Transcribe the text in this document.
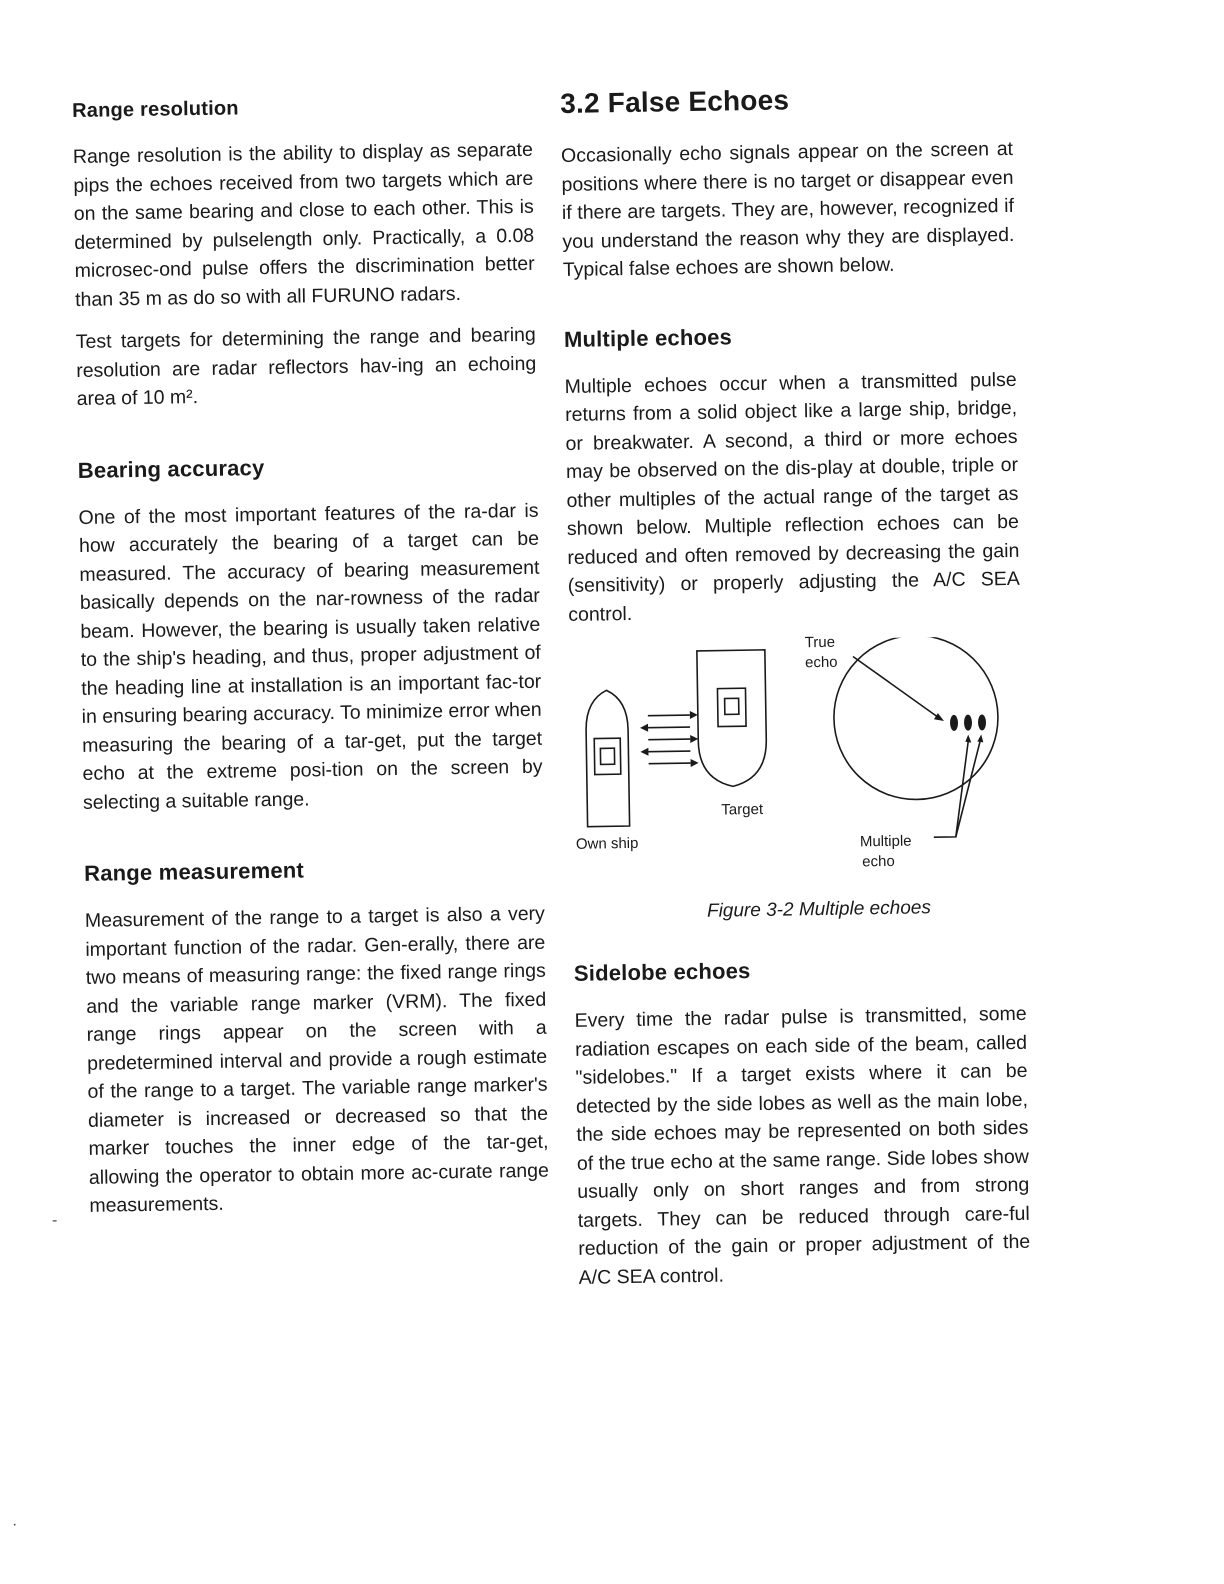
Range resolution

Range resolution is the ability to display as separate pips the echoes received from two targets which are on the same bearing and close to each other. This is determined by pulselength only. Practically, a 0.08 microsec-ond pulse offers the discrimination better than 35 m as do so with all FURUNO radars.

Test targets for determining the range and bearing resolution are radar reflectors hav-ing an echoing area of 10 m².

Bearing accuracy

One of the most important features of the ra-dar is how accurately the bearing of a target can be measured. The accuracy of bearing measurement basically depends on the nar-rowness of the radar beam. However, the bearing is usually taken relative to the ship's heading, and thus, proper adjustment of the heading line at installation is an important fac-tor in ensuring bearing accuracy. To minimize error when measuring the bearing of a tar-get, put the target echo at the extreme posi-tion on the screen by selecting a suitable range.

Range measurement

Measurement of the range to a target is also a very important function of the radar. Gen-erally, there are two means of measuring range: the fixed range rings and the variable range marker (VRM). The fixed range rings appear on the screen with a predetermined interval and provide a rough estimate of the range to a target. The variable range marker's diameter is increased or decreased so that the marker touches the inner edge of the tar-get, allowing the operator to obtain more ac-curate range measurements.

3.2 False Echoes

Occasionally echo signals appear on the screen at positions where there is no target or disappear even if there are targets. They are, however, recognized if you understand the reason why they are displayed. Typical false echoes are shown below.

Multiple echoes

Multiple echoes occur when a transmitted pulse returns from a solid object like a large ship, bridge, or breakwater. A second, a third or more echoes may be observed on the dis-play at double, triple or other multiples of the actual range of the target as shown below. Multiple reflection echoes can be reduced and often removed by decreasing the gain (sensitivity) or properly adjusting the A/C SEA control.

True
echo
Target
Own ship	Multiple
echo
Figure 3-2 Multiple echoes
Sidelobe echoes

Every time the radar pulse is transmitted, some radiation escapes on each side of the beam, called "sidelobes." If a target exists where it can be detected by the side lobes as well as the main lobe, the side echoes may be represented on both sides of the true echo at the same range. Side lobes show usually only on short ranges and from strong targets. They can be reduced through care-ful reduction of the gain or proper adjustment of the A/C SEA control.

-
·
